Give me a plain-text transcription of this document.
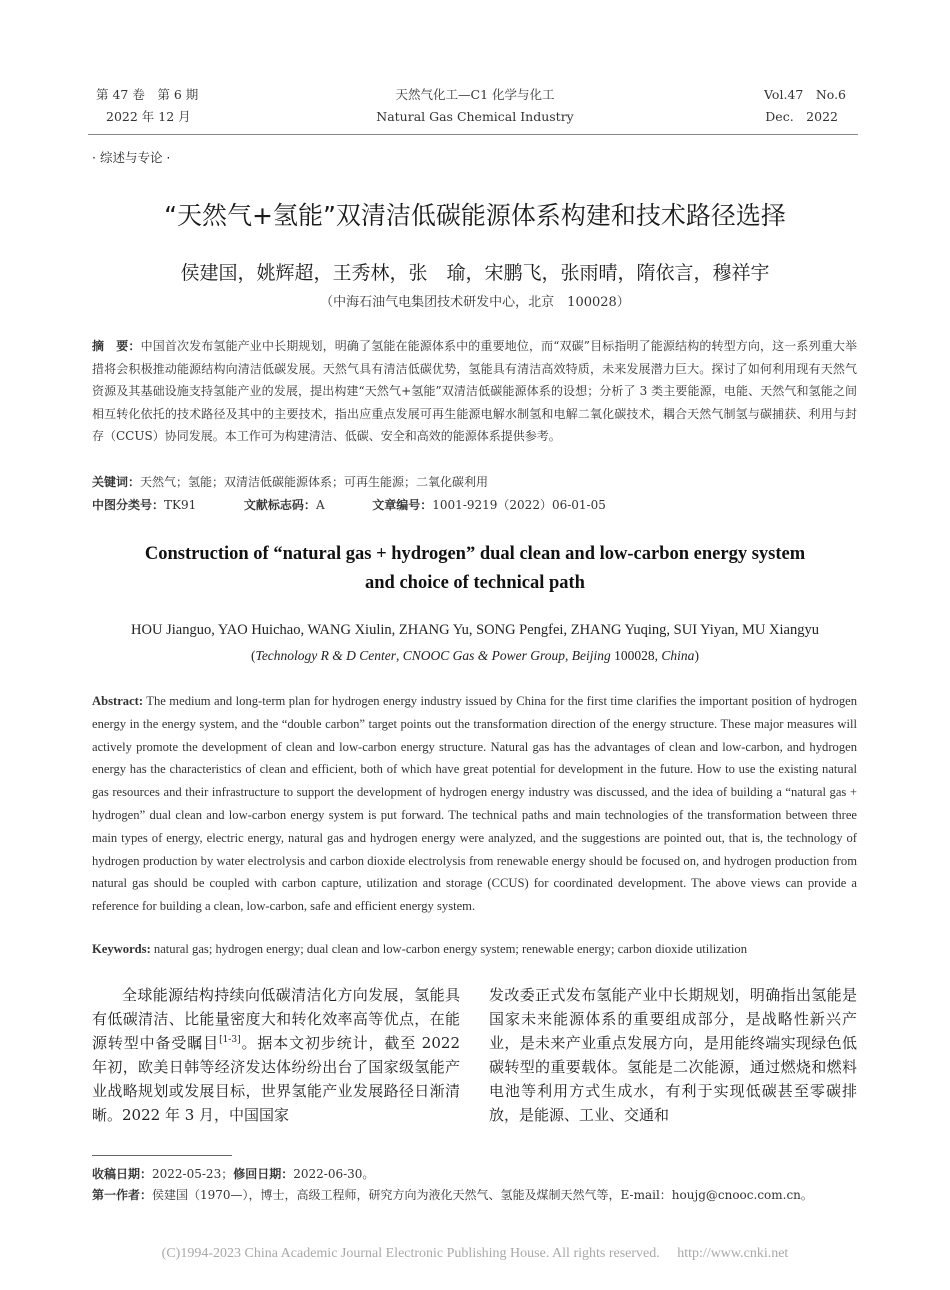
第 47 卷　第 6 期
2022 年 12 月
天然气化工—C1 化学与化工
Natural Gas Chemical Industry
Vol.47　No.6
Dec.　2022
· 综述与专论 ·
“天然气+氢能”双清洁低碳能源体系构建和技术路径选择
侯建国，姚辉超，王秀林，张　瑜，宋鹏飞，张雨晴，隋依言，穆祥宇
（中海石油气电集团技术研发中心，北京　100028）
摘　要：中国首次发布氢能产业中长期规划，明确了氢能在能源体系中的重要地位，而“双碳”目标指明了能源结构的转型方向，这一系列重大举措将会积极推动能源结构向清洁低碳发展。天然气具有清洁低碳优势，氢能具有清洁高效特质，未来发展潜力巨大。探讨了如何利用现有天然气资源及其基础设施支持氢能产业的发展，提出构建“天然气+氢能”双清洁低碳能源体系的设想；分析了 3 类主要能源，电能、天然气和氢能之间相互转化依托的技术路径及其中的主要技术，指出应重点发展可再生能源电解水制氢和电解二氧化碳技术，耦合天然气制氢与碳捕获、利用与封存（CCUS）协同发展。本工作可为构建清洁、低碳、安全和高效的能源体系提供参考。
关键词：天然气；氢能；双清洁低碳能源体系；可再生能源；二氧化碳利用
中图分类号：TK91	文献标志码：A	文章编号：1001-9219（2022）06-01-05
Construction of “natural gas + hydrogen” dual clean and low-carbon energy system
and choice of technical path
HOU Jianguo, YAO Huichao, WANG Xiulin, ZHANG Yu, SONG Pengfei, ZHANG Yuqing, SUI Yiyan, MU Xiangyu
(Technology R & D Center, CNOOC Gas & Power Group, Beijing 100028, China)
Abstract: The medium and long-term plan for hydrogen energy industry issued by China for the first time clarifies the important position of hydrogen energy in the energy system, and the “double carbon” target points out the transformation direction of the energy structure. These major measures will actively promote the development of clean and low-carbon energy structure. Natural gas has the advantages of clean and low-carbon, and hydrogen energy has the characteristics of clean and efficient, both of which have great potential for development in the future. How to use the existing natural gas resources and their infrastructure to support the development of hydrogen energy industry was discussed, and the idea of building a “natural gas + hydrogen” dual clean and low-carbon energy system is put forward. The technical paths and main technologies of the transformation between three main types of energy, electric energy, natural gas and hydrogen energy were analyzed, and the suggestions are pointed out, that is, the technology of hydrogen production by water electrolysis and carbon dioxide electrolysis from renewable energy should be focused on, and hydrogen production from natural gas should be coupled with carbon capture, utilization and storage (CCUS) for coordinated development. The above views can provide a reference for building a clean, low-carbon, safe and efficient energy system.
Keywords: natural gas; hydrogen energy; dual clean and low-carbon energy system; renewable energy; carbon dioxide utilization
全球能源结构持续向低碳清洁化方向发展，氢能具有低碳清洁、比能量密度大和转化效率高等优点，在能源转型中备受瞩目[1-3]。据本文初步统计，截至 2022 年初，欧美日韩等经济发达体纷纷出台了国家级氢能产业战略规划或发展目标，世界氢能产业发展路径日渐清晰。2022 年 3 月，中国国家
发改委正式发布氢能产业中长期规划，明确指出氢能是国家未来能源体系的重要组成部分，是战略性新兴产业，是未来产业重点发展方向，是用能终端实现绿色低碳转型的重要载体。氢能是二次能源，通过燃烧和燃料电池等利用方式生成水，有利于实现低碳甚至零碳排放，是能源、工业、交通和
收稿日期：2022-05-23；修回日期：2022-06-30。
第一作者：侯建国（1970—），博士，高级工程师，研究方向为液化天然气、氢能及煤制天然气等，E-mail：houjg@cnooc.com.cn。
(C)1994-2023 China Academic Journal Electronic Publishing House. All rights reserved.　 http://www.cnki.net
